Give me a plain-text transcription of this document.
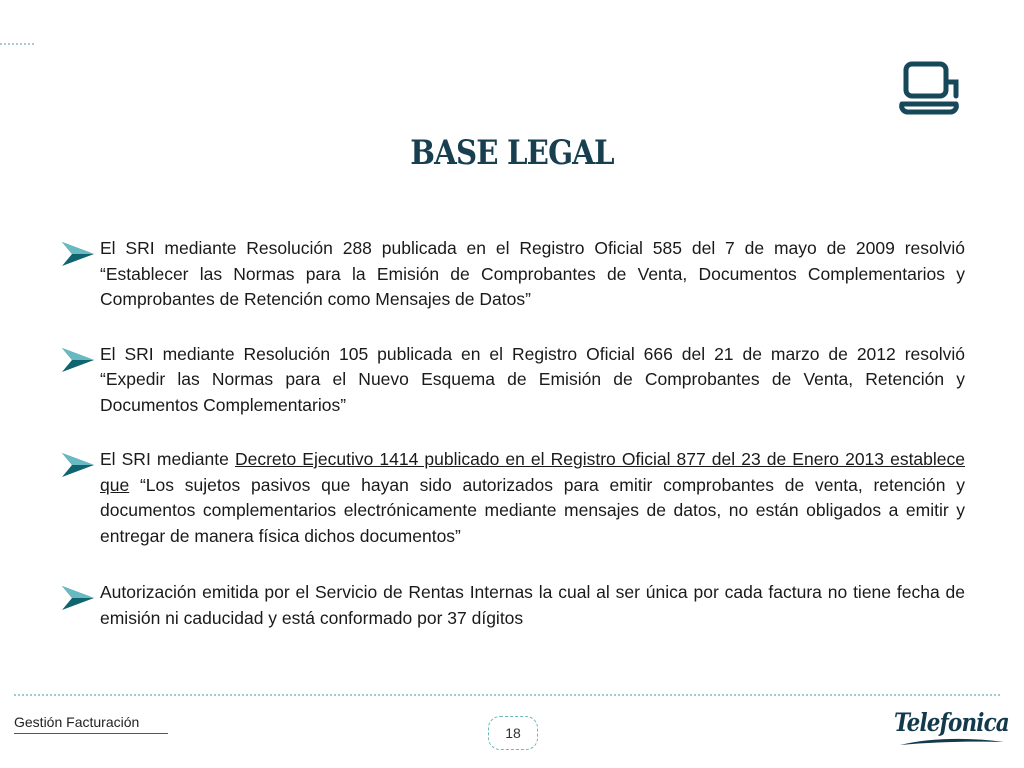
BASE LEGAL
El SRI mediante Resolución 288 publicada en el Registro Oficial 585 del 7 de mayo de 2009 resolvió “Establecer las Normas para la Emisión de Comprobantes de Venta, Documentos Complementarios y Comprobantes de Retención como Mensajes de Datos”
El SRI mediante Resolución 105 publicada en el Registro Oficial 666 del 21 de marzo de 2012 resolvió “Expedir las Normas para el Nuevo Esquema de Emisión de Comprobantes de Venta, Retención y Documentos Complementarios”
El SRI mediante Decreto Ejecutivo 1414 publicado en el Registro Oficial 877 del 23 de Enero 2013 establece que “Los sujetos pasivos que hayan sido autorizados para emitir comprobantes de venta, retención y documentos complementarios electrónicamente mediante mensajes de datos, no están obligados a emitir y entregar de manera física dichos documentos”
Autorización emitida por el Servicio de Rentas Internas la cual al ser única por cada factura no tiene fecha de emisión ni caducidad y está conformado por 37 dígitos
Gestión Facturación
18	Telefonica
